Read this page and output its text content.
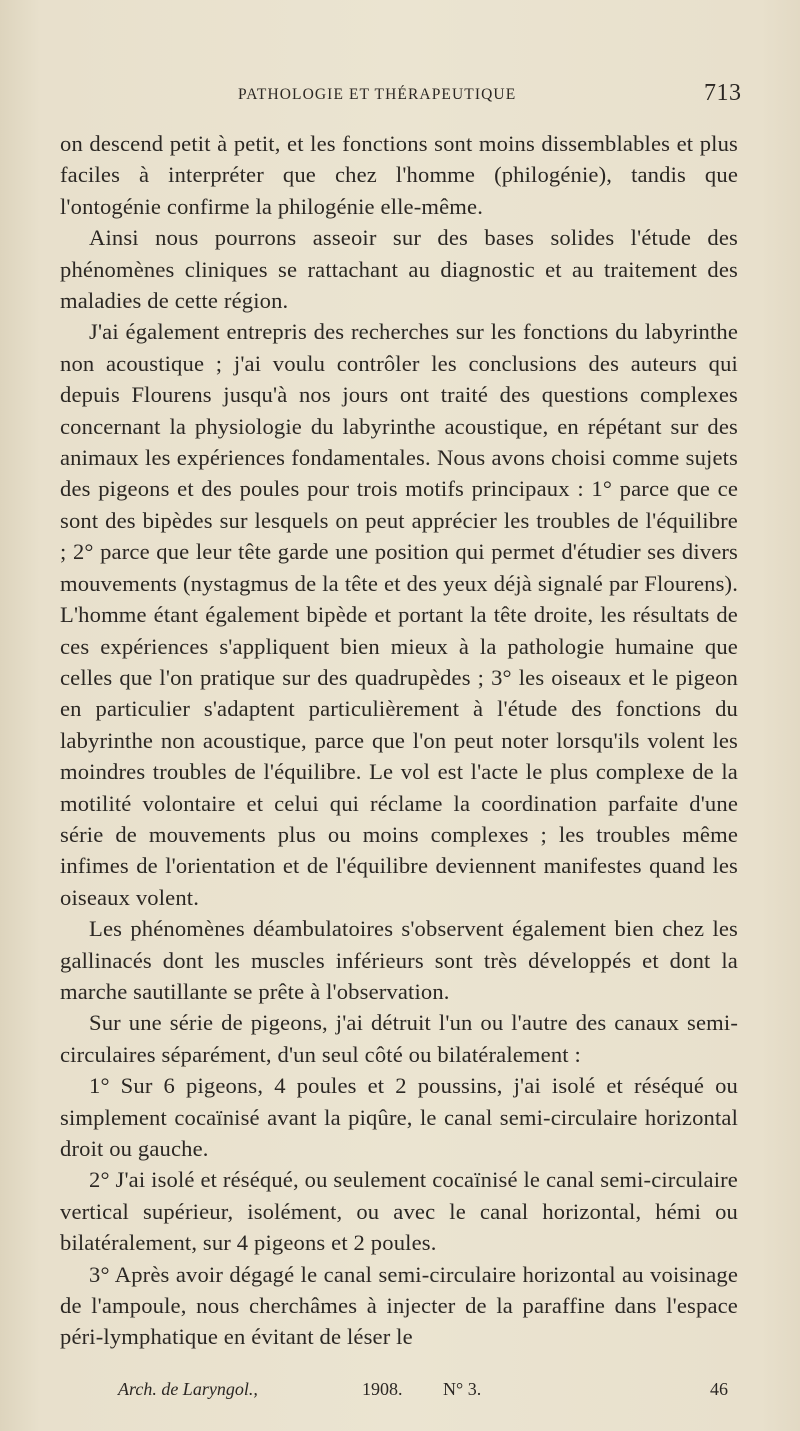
PATHOLOGIE ET THÉRAPEUTIQUE	713

on descend petit à petit, et les fonctions sont moins dissemblables et plus faciles à interpréter que chez l'homme (philogénie), tandis que l'ontogénie confirme la philogénie elle-même.

Ainsi nous pourrons asseoir sur des bases solides l'étude des phénomènes cliniques se rattachant au diagnostic et au traitement des maladies de cette région.

J'ai également entrepris des recherches sur les fonctions du labyrinthe non acoustique ; j'ai voulu contrôler les conclusions des auteurs qui depuis Flourens jusqu'à nos jours ont traité des questions complexes concernant la physiologie du labyrinthe acoustique, en répétant sur des animaux les expériences fondamentales. Nous avons choisi comme sujets des pigeons et des poules pour trois motifs principaux : 1° parce que ce sont des bipèdes sur lesquels on peut apprécier les troubles de l'équilibre ; 2° parce que leur tête garde une position qui permet d'étudier ses divers mouvements (nystagmus de la tête et des yeux déjà signalé par Flourens). L'homme étant également bipède et portant la tête droite, les résultats de ces expériences s'appliquent bien mieux à la pathologie humaine que celles que l'on pratique sur des quadrupèdes ; 3° les oiseaux et le pigeon en particulier s'adaptent particulièrement à l'étude des fonctions du labyrinthe non acoustique, parce que l'on peut noter lorsqu'ils volent les moindres troubles de l'équilibre. Le vol est l'acte le plus complexe de la motilité volontaire et celui qui réclame la coordination parfaite d'une série de mouvements plus ou moins complexes ; les troubles même infimes de l'orientation et de l'équilibre deviennent manifestes quand les oiseaux volent.

Les phénomènes déambulatoires s'observent également bien chez les gallinacés dont les muscles inférieurs sont très développés et dont la marche sautillante se prête à l'observation.

Sur une série de pigeons, j'ai détruit l'un ou l'autre des canaux semi-circulaires séparément, d'un seul côté ou bilatéralement :

1° Sur 6 pigeons, 4 poules et 2 poussins, j'ai isolé et réséqué ou simplement cocaïnisé avant la piqûre, le canal semi-circulaire horizontal droit ou gauche.

2° J'ai isolé et réséqué, ou seulement cocaïnisé le canal semi-circulaire vertical supérieur, isolément, ou avec le canal horizontal, hémi ou bilatéralement, sur 4 pigeons et 2 poules.

3° Après avoir dégagé le canal semi-circulaire horizontal au voisinage de l'ampoule, nous cherchâmes à injecter de la paraffine dans l'espace péri-lymphatique en évitant de léser le

Arch. de Laryngol.,	1908. N° 3.	46
